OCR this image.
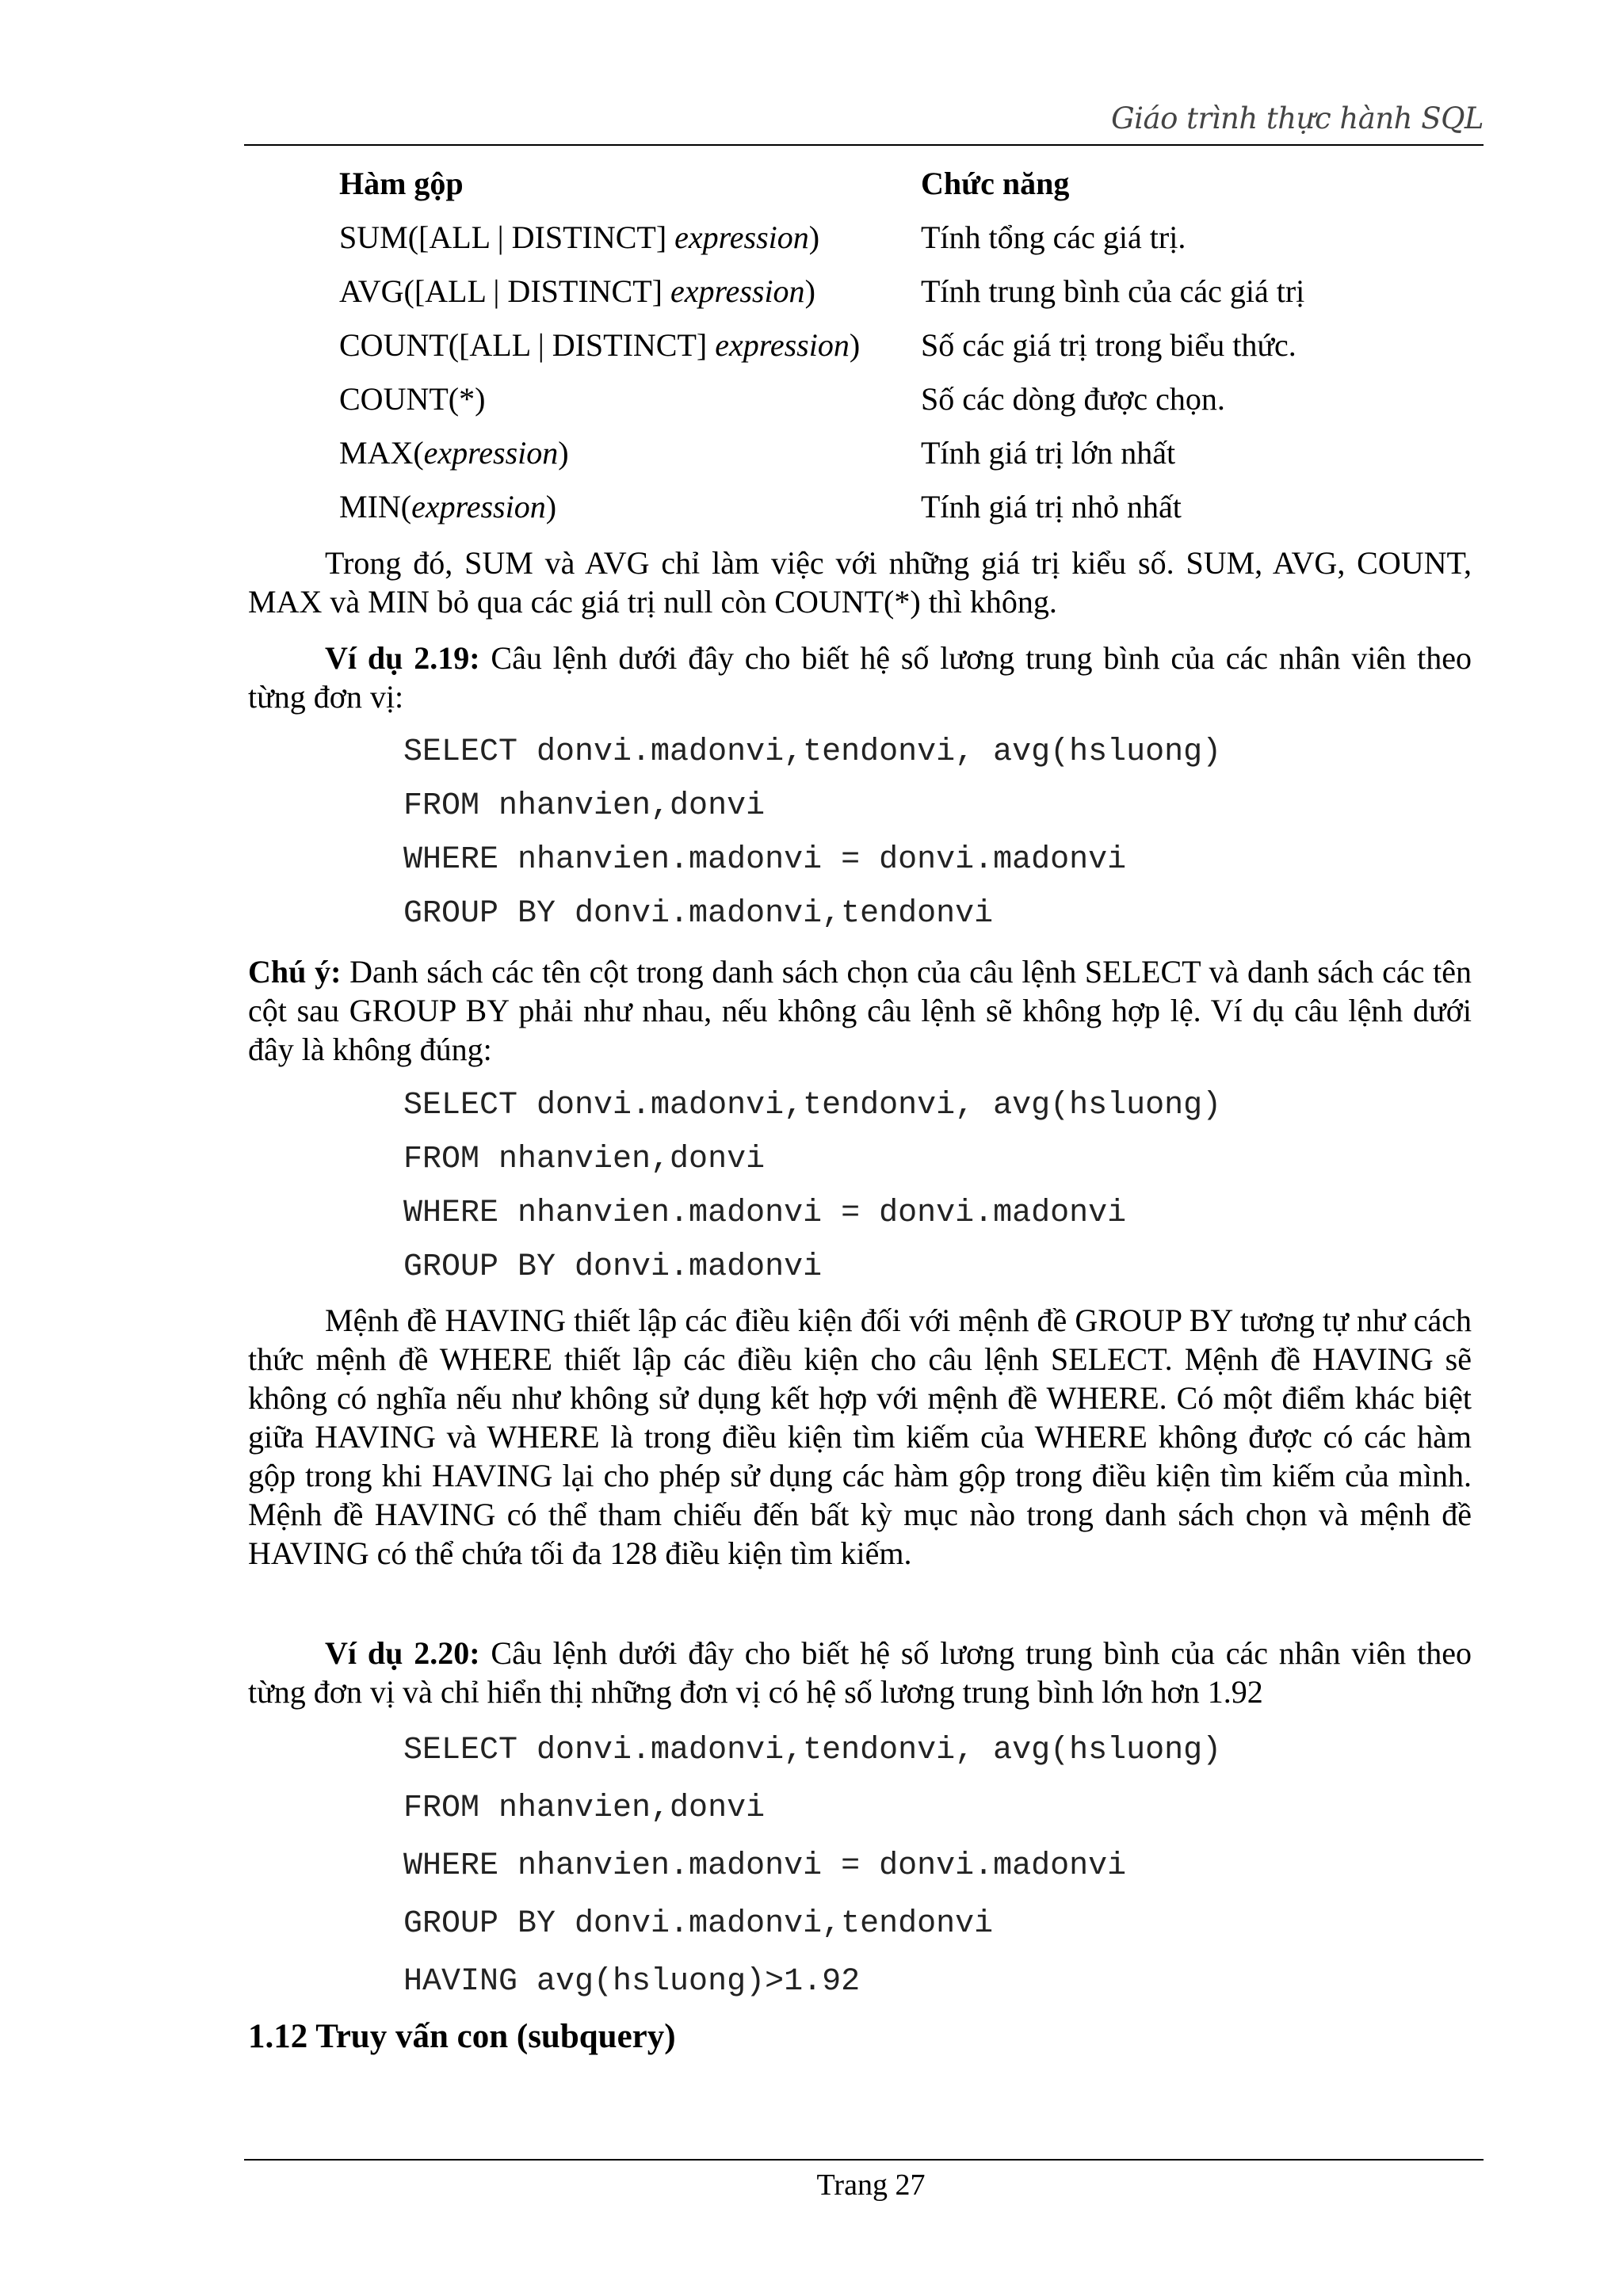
Giáo trình thực hành SQL
Hàm gộp	Chức năng
SUM([ALL | DISTINCT] expression)	Tính tổng các giá trị.
AVG([ALL | DISTINCT] expression)	Tính trung bình của các giá trị
COUNT([ALL | DISTINCT] expression) Số các giá trị trong biểu thức.
COUNT(*)	Số các dòng được chọn.
MAX(expression)	Tính giá trị lớn nhất
MIN(expression)	Tính giá trị nhỏ nhất
Trong đó, SUM và AVG chỉ làm việc với những giá trị kiểu số. SUM, AVG, COUNT, MAX và MIN bỏ qua các giá trị null còn COUNT(*) thì không.
Ví dụ 2.19: Câu lệnh dưới đây cho biết hệ số lương trung bình của các nhân viên theo từng đơn vị:
SELECT donvi.madonvi,tendonvi, avg(hsluong)
FROM nhanvien,donvi
WHERE nhanvien.madonvi = donvi.madonvi
GROUP BY donvi.madonvi,tendonvi
Chú ý: Danh sách các tên cột trong danh sách chọn của câu lệnh SELECT và danh sách các tên cột sau GROUP BY phải như nhau, nếu không câu lệnh sẽ không hợp lệ. Ví dụ câu lệnh dưới đây là không đúng:
SELECT donvi.madonvi,tendonvi, avg(hsluong)
FROM nhanvien,donvi
WHERE nhanvien.madonvi = donvi.madonvi
GROUP BY donvi.madonvi
Mệnh đề HAVING thiết lập các điều kiện đối với mệnh đề GROUP BY tương tự như cách thức mệnh đề WHERE thiết lập các điều kiện cho câu lệnh SELECT. Mệnh đề HAVING sẽ không có nghĩa nếu như không sử dụng kết hợp với mệnh đề WHERE. Có một điểm khác biệt giữa HAVING và WHERE là trong điều kiện tìm kiếm của WHERE không được có các hàm gộp trong khi HAVING lại cho phép sử dụng các hàm gộp trong điều kiện tìm kiếm của mình. Mệnh đề HAVING có thể tham chiếu đến bất kỳ mục nào trong danh sách chọn và mệnh đề HAVING có thể chứa tối đa 128 điều kiện tìm kiếm.
Ví dụ 2.20: Câu lệnh dưới đây cho biết hệ số lương trung bình của các nhân viên theo từng đơn vị và chỉ hiển thị những đơn vị có hệ số lương trung bình lớn hơn 1.92
SELECT donvi.madonvi,tendonvi, avg(hsluong)
FROM nhanvien,donvi
WHERE nhanvien.madonvi = donvi.madonvi
GROUP BY donvi.madonvi,tendonvi
HAVING avg(hsluong)>1.92
1.12 Truy vấn con (subquery)
Trang 27
